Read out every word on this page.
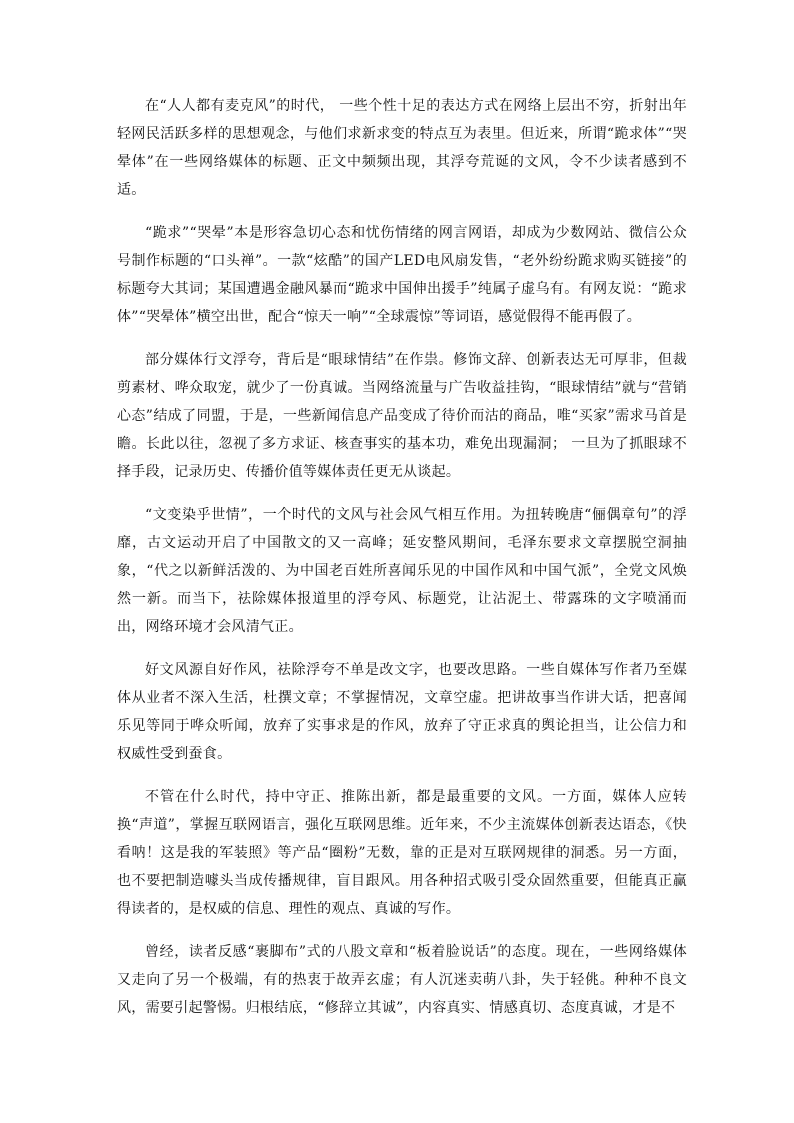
在“人人都有麦克风”的时代， 一些个性十足的表达方式在网络上层出不穷，折射出年轻网民活跃多样的思想观念，与他们求新求变的特点互为表里。但近来，所谓“跪求体”“哭晕体”在一些网络媒体的标题、正文中频频出现，其浮夸荒诞的文风，令不少读者感到不适。

“跪求”“哭晕”本是形容急切心态和忧伤情绪的网言网语，却成为少数网站、微信公众号制作标题的“口头禅”。一款“炫酷”的国产LED电风扇发售，“老外纷纷跪求购买链接”的标题夸大其词；某国遭遇金融风暴而“跪求中国伸出援手”纯属子虚乌有。有网友说：“跪求体”“哭晕体”横空出世，配合“惊天一响”“全球震惊”等词语，感觉假得不能再假了。

部分媒体行文浮夸，背后是“眼球情结”在作祟。修饰文辞、创新表达无可厚非，但裁剪素材、哗众取宠，就少了一份真诚。当网络流量与广告收益挂钩，“眼球情结”就与“营销心态”结成了同盟，于是，一些新闻信息产品变成了待价而沽的商品，唯“买家”需求马首是瞻。长此以往，忽视了多方求证、核查事实的基本功，难免出现漏洞； 一旦为了抓眼球不择手段，记录历史、传播价值等媒体责任更无从谈起。

“文变染乎世情”，一个时代的文风与社会风气相互作用。为扭转晚唐“俪偶章句”的浮靡，古文运动开启了中国散文的又一高峰；延安整风期间，毛泽东要求文章摆脱空洞抽象，“代之以新鲜活泼的、为中国老百姓所喜闻乐见的中国作风和中国气派”，全党文风焕然一新。而当下，祛除媒体报道里的浮夸风、标题党，让沾泥土、带露珠的文字喷涌而出，网络环境才会风清气正。

好文风源自好作风，祛除浮夸不单是改文字，也要改思路。一些自媒体写作者乃至媒体从业者不深入生活，杜撰文章；不掌握情况，文章空虚。把讲故事当作讲大话，把喜闻乐见等同于哗众听闻，放弃了实事求是的作风，放弃了守正求真的舆论担当，让公信力和权威性受到蚕食。

不管在什么时代，持中守正、推陈出新，都是最重要的文风。一方面，媒体人应转换“声道”，掌握互联网语言，强化互联网思维。近年来，不少主流媒体创新表达语态，《快看呐！这是我的军装照》等产品“圈粉”无数，靠的正是对互联网规律的洞悉。另一方面，也不要把制造噱头当成传播规律，盲目跟风。用各种招式吸引受众固然重要，但能真正赢得读者的，是权威的信息、理性的观点、真诚的写作。

曾经，读者反感“裹脚布”式的八股文章和“板着脸说话”的态度。现在，一些网络媒体又走向了另一个极端，有的热衷于故弄玄虚；有人沉迷卖萌八卦，失于轻佻。种种不良文风，需要引起警惕。归根结底，“修辞立其诚”，内容真实、情感真切、态度真诚，才是不
